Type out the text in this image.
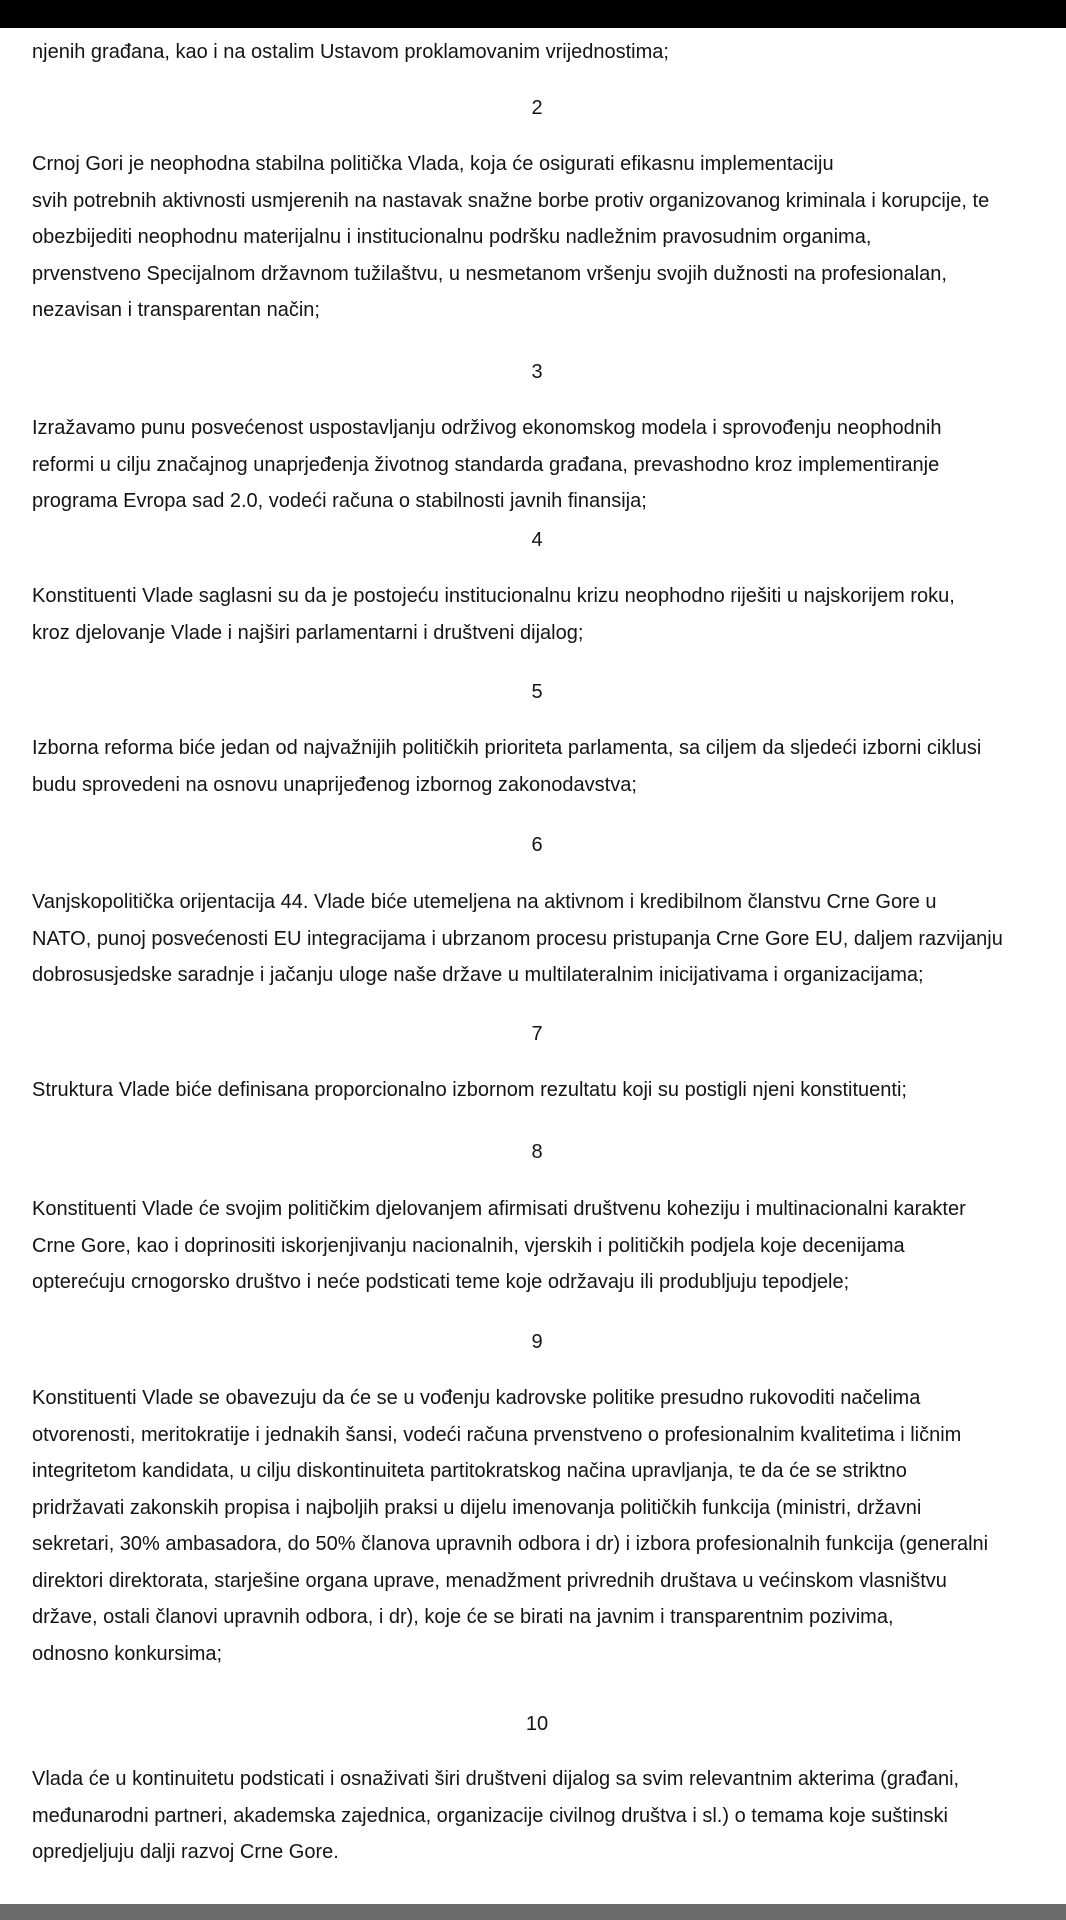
njenih građana, kao i na ostalim Ustavom proklamovanim vrijednostima;

2

Crnoj Gori je neophodna stabilna politička Vlada, koja će osigurati efikasnu implementaciju
svih potrebnih aktivnosti usmjerenih na nastavak snažne borbe protiv organizovanog kriminala i korupcije, te
obezbijediti neophodnu materijalnu i institucionalnu podršku nadležnim pravosudnim organima,
prvenstveno Specijalnom državnom tužilaštvu, u nesmetanom vršenju svojih dužnosti na profesionalan,
nezavisan i transparentan način;

3

Izražavamo punu posvećenost uspostavljanju održivog ekonomskog modela i sprovođenju neophodnih
reformi u cilju značajnog unaprjeđenja životnog standarda građana, prevashodno kroz implementiranje
programa Evropa sad 2.0, vodeći računa o stabilnosti javnih finansija;

4

Konstituenti Vlade saglasni su da je postojeću institucionalnu krizu neophodno riješiti u najskorijem roku,
kroz djelovanje Vlade i najširi parlamentarni i društveni dijalog;

5

Izborna reforma biće jedan od najvažnijih političkih prioriteta parlamenta, sa ciljem da sljedeći izborni ciklusi
budu sprovedeni na osnovu unaprijeđenog izbornog zakonodavstva;

6

Vanjskopolitička orijentacija 44. Vlade biće utemeljena na aktivnom i kredibilnom članstvu Crne Gore u
NATO, punoj posvećenosti EU integracijama i ubrzanom procesu pristupanja Crne Gore EU, daljem razvijanju
dobrosusjedske saradnje i jačanju uloge naše države u multilateralnim inicijativama i organizacijama;

7

Struktura Vlade biće definisana proporcionalno izbornom rezultatu koji su postigli njeni konstituenti;

8

Konstituenti Vlade će svojim političkim djelovanjem afirmisati društvenu koheziju i multinacionalni karakter
Crne Gore, kao i doprinositi iskorjenjivanju nacionalnih, vjerskih i političkih podjela koje decenijama
opterećuju crnogorsko društvo i neće podsticati teme koje održavaju ili produbljuju tepodjele;

9

Konstituenti Vlade se obavezuju da će se u vođenju kadrovske politike presudno rukovoditi načelima
otvorenosti, meritokratije i jednakih šansi, vodeći računa prvenstveno o profesionalnim kvalitetima i ličnim
integritetom kandidata, u cilju diskontinuiteta partitokratskog načina upravljanja, te da će se striktno
pridržavati zakonskih propisa i najboljih praksi u dijelu imenovanja političkih funkcija (ministri, državni
sekretari, 30% ambasadora, do 50% članova upravnih odbora i dr) i izbora profesionalnih funkcija (generalni
direktori direktorata, starješine organa uprave, menadžment privrednih društava u većinskom vlasništvu
države, ostali članovi upravnih odbora, i dr), koje će se birati na javnim i transparentnim pozivima,
odnosno konkursima;

10

Vlada će u kontinuitetu podsticati i osnaživati širi društveni dijalog sa svim relevantnim akterima (građani,
međunarodni partneri, akademska zajednica, organizacije civilnog društva i sl.) o temama koje suštinski
opredjeljuju dalji razvoj Crne Gore.
